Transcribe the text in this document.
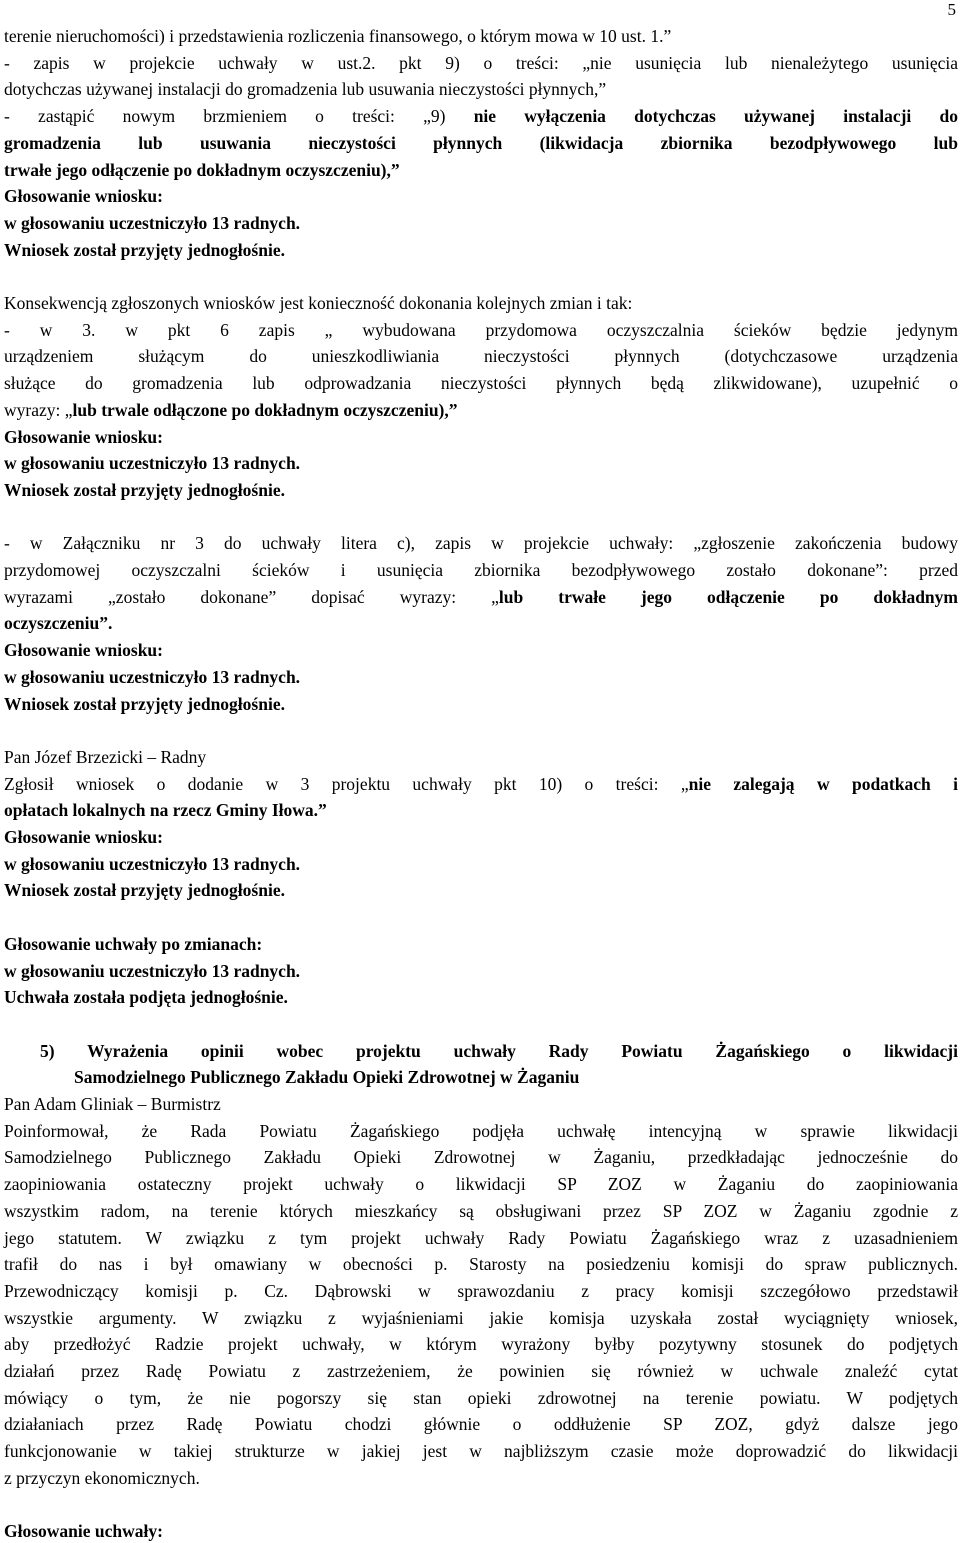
5
terenie nieruchomości) i przedstawienia rozliczenia finansowego, o którym mowa w 10 ust. 1.”
- zapis w projekcie uchwały w ust.2. pkt 9) o treści: „nie usunięcia lub nienależytego usunięcia
dotychczas używanej instalacji do gromadzenia lub usuwania nieczystości płynnych,”
- zastąpić nowym brzmieniem o treści: „9) nie wyłączenia dotychczas używanej instalacji do
gromadzenia lub usuwania nieczystości płynnych (likwidacja zbiornika bezodpływowego lub
trwałe jego odłączenie po dokładnym oczyszczeniu),”
Głosowanie wniosku:
w głosowaniu uczestniczyło 13 radnych.
Wniosek został przyjęty jednogłośnie.
Konsekwencją zgłoszonych wniosków jest konieczność dokonania kolejnych zmian i tak:
- w 3. w pkt 6 zapis „ wybudowana przydomowa oczyszczalnia ścieków będzie jedynym
urządzeniem służącym do unieszkodliwiania nieczystości płynnych (dotychczasowe urządzenia
służące do gromadzenia lub odprowadzania nieczystości płynnych będą zlikwidowane), uzupełnić o
wyrazy: „lub trwale odłączone po dokładnym oczyszczeniu),”
Głosowanie wniosku:
w głosowaniu uczestniczyło 13 radnych.
Wniosek został przyjęty jednogłośnie.
- w Załączniku nr 3 do uchwały litera c), zapis w projekcie uchwały: „zgłoszenie zakończenia budowy
przydomowej oczyszczalni ścieków i usunięcia zbiornika bezodpływowego zostało dokonane”: przed
wyrazami „zostało dokonane” dopisać wyrazy: „lub trwałe jego odłączenie po dokładnym
oczyszczeniu”.
Głosowanie wniosku:
w głosowaniu uczestniczyło 13 radnych.
Wniosek został przyjęty jednogłośnie.
Pan Józef Brzezicki – Radny
Zgłosił wniosek o dodanie w 3 projektu uchwały pkt 10) o treści: „nie zalegają w podatkach i
opłatach lokalnych na rzecz Gminy Iłowa.”
Głosowanie wniosku:
w głosowaniu uczestniczyło 13 radnych.
Wniosek został przyjęty jednogłośnie.
Głosowanie uchwały po zmianach:
w głosowaniu uczestniczyło 13 radnych.
Uchwała została podjęta jednogłośnie.
5) Wyrażenia opinii wobec projektu uchwały Rady Powiatu Żagańskiego o likwidacji
Samodzielnego Publicznego Zakładu Opieki Zdrowotnej w Żaganiu
Pan Adam Gliniak – Burmistrz
Poinformował, że Rada Powiatu Żagańskiego podjęła uchwałę intencyjną w sprawie likwidacji
Samodzielnego Publicznego Zakładu Opieki Zdrowotnej w Żaganiu, przedkładając jednocześnie do
zaopiniowania ostateczny projekt uchwały o likwidacji SP ZOZ w Żaganiu do zaopiniowania
wszystkim radom, na terenie których mieszkańcy są obsługiwani przez SP ZOZ w Żaganiu zgodnie z
jego statutem. W związku z tym projekt uchwały Rady Powiatu Żagańskiego wraz z uzasadnieniem
trafił do nas i był omawiany w obecności p. Starosty na posiedzeniu komisji do spraw publicznych.
Przewodniczący komisji p. Cz. Dąbrowski w sprawozdaniu z pracy komisji szczegółowo przedstawił
wszystkie argumenty. W związku z wyjaśnieniami jakie komisja uzyskała został wyciągnięty wniosek,
aby przedłożyć Radzie projekt uchwały, w którym wyrażony byłby pozytywny stosunek do podjętych
działań przez Radę Powiatu z zastrzeżeniem, że powinien się również w uchwale znaleźć cytat
mówiący o tym, że nie pogorszy się stan opieki zdrowotnej na terenie powiatu. W podjętych
działaniach przez Radę Powiatu chodzi głównie o oddłużenie SP ZOZ, gdyż dalsze jego
funkcjonowanie w takiej strukturze w jakiej jest w najbliższym czasie może doprowadzić do likwidacji
z przyczyn ekonomicznych.
Głosowanie uchwały:
